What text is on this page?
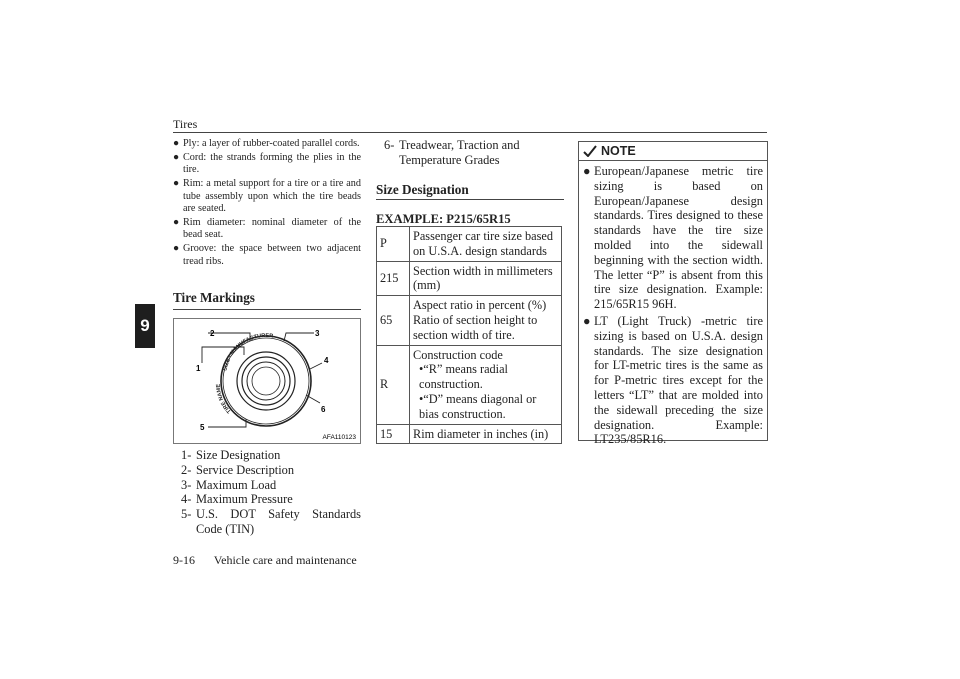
Tires
9
● Ply: a layer of rubber-coated parallel cords.
● Cord: the strands forming the plies in the tire.
● Rim: a metal support for a tire or a tire and tube assembly upon which the tire beads are seated.
● Rim diameter: nominal diameter of the bead seat.
● Groove: the space between two adjacent tread ribs.
Tire Markings
SIZE · MANUFACTURER
TIRE NAME
1
2	3
4
5
6
AFA110123
1- Size Designation
2- Service Description
3- Maximum Load
4- Maximum Pressure
5- U.S. DOT Safety Standards Code (TIN)
6- Treadwear, Traction and Temperature Grades
Size Designation
EXAMPLE: P215/65R15
P	Passenger car tire size based on U.S.A. design standards
215	Section width in millimeters (mm)
65	Aspect ratio in percent (%) Ratio of section height to section width of tire.
R	Construction code
•“R” means radial construction.
•“D” means diagonal or bias construction.

15	Rim diameter in inches (in)
NOTE
● European/Japanese metric tire sizing is based on European/Japanese design standards. Tires designed to these standards have the tire size molded into the sidewall beginning with the section width. The letter “P” is absent from this tire size designation. Example: 215/65R15 96H.
● LT (Light Truck) -metric tire sizing is based on U.S.A. design standards. The size designation for LT-metric tires is the same as for P-metric tires except for the letters “LT” that are molded into the sidewall preceding the size designation. Example: LT235/85R16.
9-16 Vehicle care and maintenance
